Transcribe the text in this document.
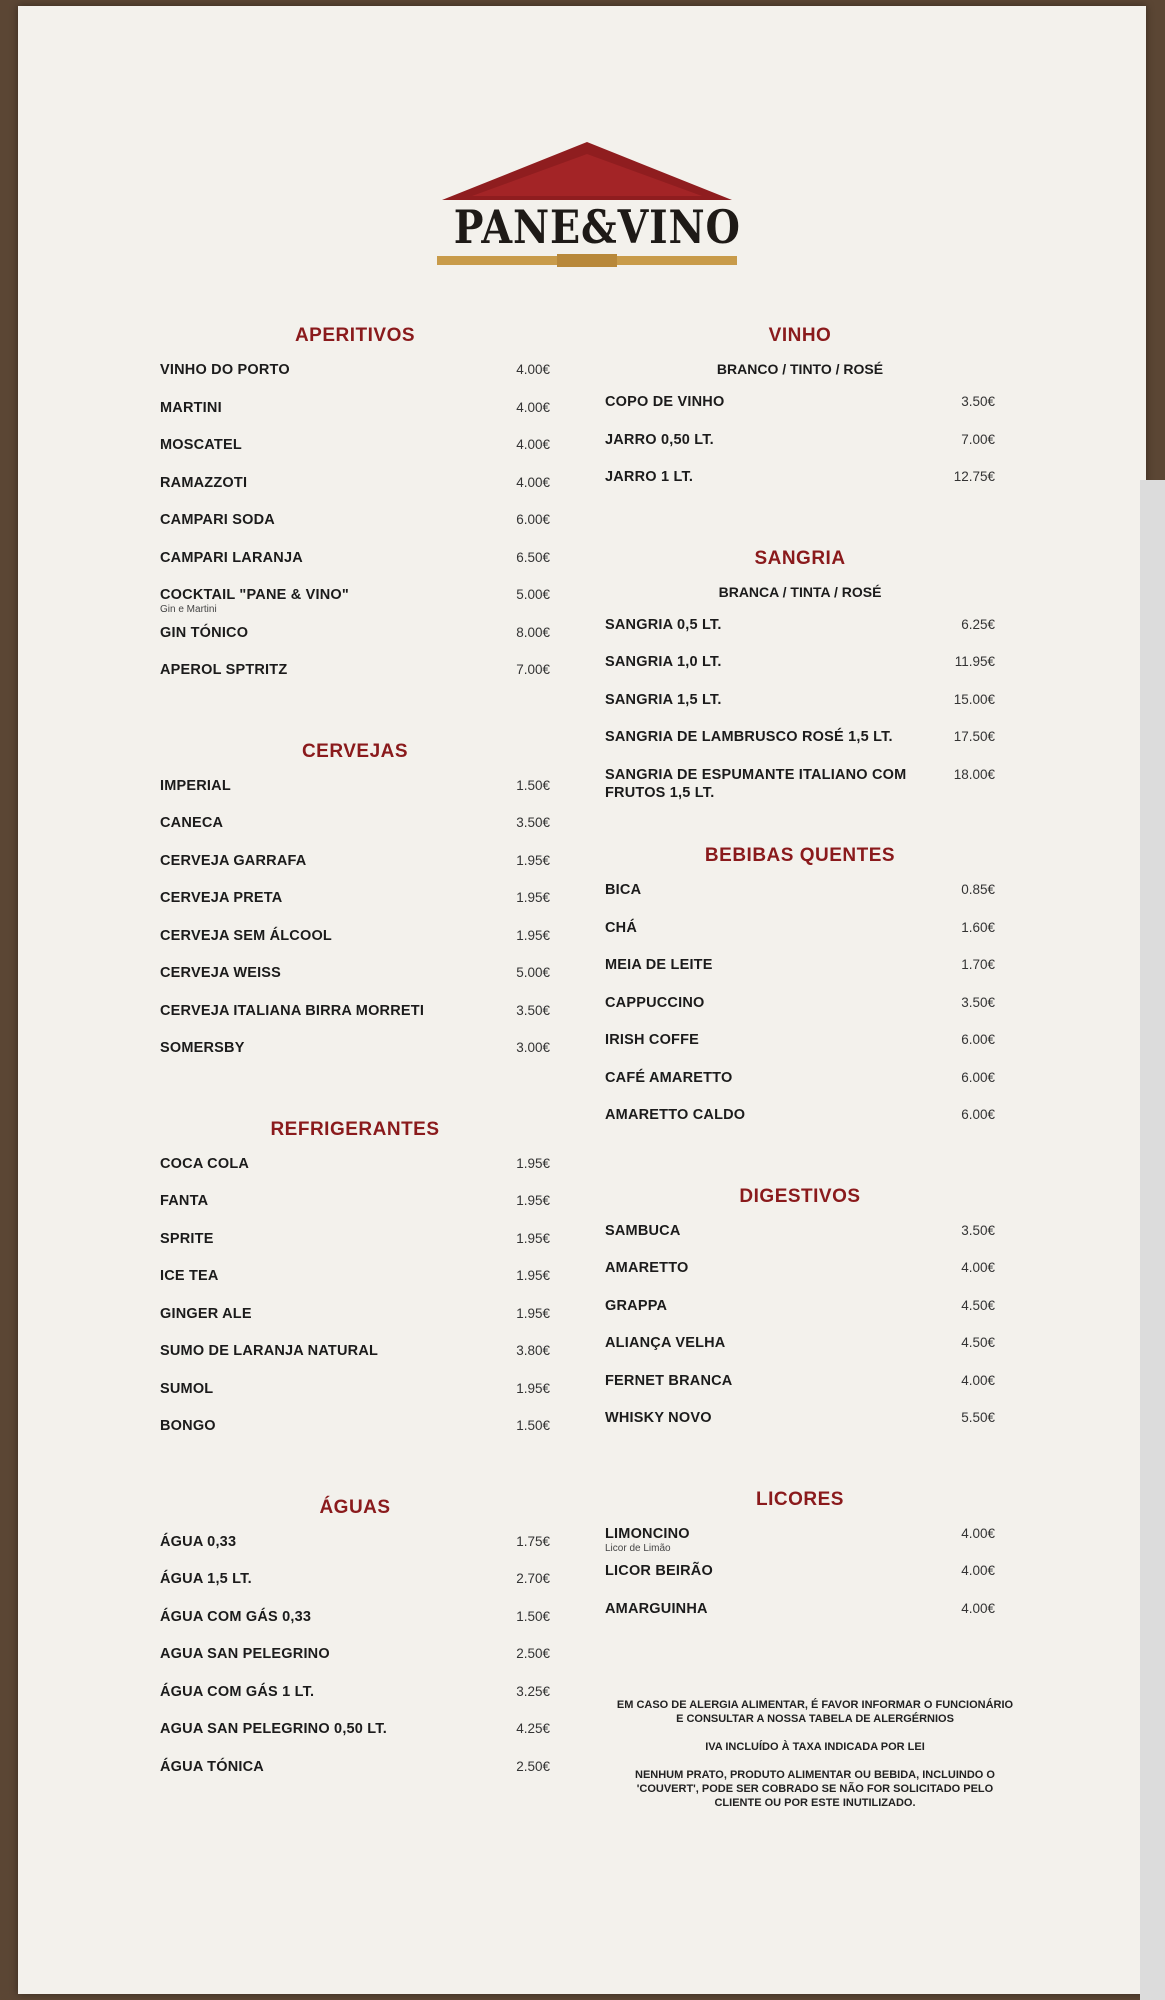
PANE&VINO
APERITIVOS
VINHO DO PORTO	4.00€
MARTINI	4.00€
MOSCATEL	4.00€
RAMAZZOTI	4.00€
CAMPARI SODA	6.00€
CAMPARI LARANJA	6.50€
COCKTAIL "PANE & VINO"
Gin e Martini
5.00€
GIN TÓNICO	8.00€
APEROL SPTRITZ	7.00€
CERVEJAS
IMPERIAL	1.50€
CANECA	3.50€
CERVEJA GARRAFA	1.95€
CERVEJA PRETA	1.95€
CERVEJA SEM ÁLCOOL	1.95€
CERVEJA WEISS	5.00€
CERVEJA ITALIANA BIRRA MORRETI	3.50€
SOMERSBY	3.00€
REFRIGERANTES
COCA COLA	1.95€
FANTA	1.95€
SPRITE	1.95€
ICE TEA	1.95€
GINGER ALE	1.95€
SUMO DE LARANJA NATURAL	3.80€
SUMOL	1.95€
BONGO	1.50€
ÁGUAS
ÁGUA 0,33	1.75€
ÁGUA 1,5 LT.	2.70€
ÁGUA COM GÁS 0,33	1.50€
AGUA SAN PELEGRINO	2.50€
ÁGUA COM GÁS 1 LT.	3.25€
AGUA SAN PELEGRINO 0,50 LT.	4.25€
ÁGUA TÓNICA	2.50€
VINHO
BRANCO / TINTO / ROSÉ
COPO DE VINHO	3.50€
JARRO 0,50 LT.	7.00€
JARRO 1 LT.	12.75€
SANGRIA
BRANCA / TINTA / ROSÉ
SANGRIA 0,5 LT.	6.25€
SANGRIA 1,0 LT.	11.95€
SANGRIA 1,5 LT.	15.00€
SANGRIA DE LAMBRUSCO ROSÉ 1,5 LT.	17.50€
SANGRIA DE ESPUMANTE ITALIANO COM FRUTOS 1,5 LT.
18.00€
BEBIBAS QUENTES
BICA	0.85€
CHÁ	1.60€
MEIA DE LEITE	1.70€
CAPPUCCINO	3.50€
IRISH COFFE	6.00€
CAFÉ AMARETTO	6.00€
AMARETTO CALDO	6.00€
DIGESTIVOS
SAMBUCA	3.50€
AMARETTO	4.00€
GRAPPA	4.50€
ALIANÇA VELHA	4.50€
FERNET BRANCA	4.00€
WHISKY NOVO	5.50€
LICORES
LIMONCINO
Licor de Limão
4.00€
LICOR BEIRÃO	4.00€
AMARGUINHA	4.00€
EM CASO DE ALERGIA ALIMENTAR, É FAVOR INFORMAR O FUNCIONÁRIO E CONSULTAR A NOSSA TABELA DE ALERGÉRNIOS
IVA INCLUÍDO À TAXA INDICADA POR LEI
NENHUM PRATO, PRODUTO ALIMENTAR OU BEBIDA, INCLUINDO O 'COUVERT', PODE SER COBRADO SE NÃO FOR SOLICITADO PELO CLIENTE OU POR ESTE INUTILIZADO.
